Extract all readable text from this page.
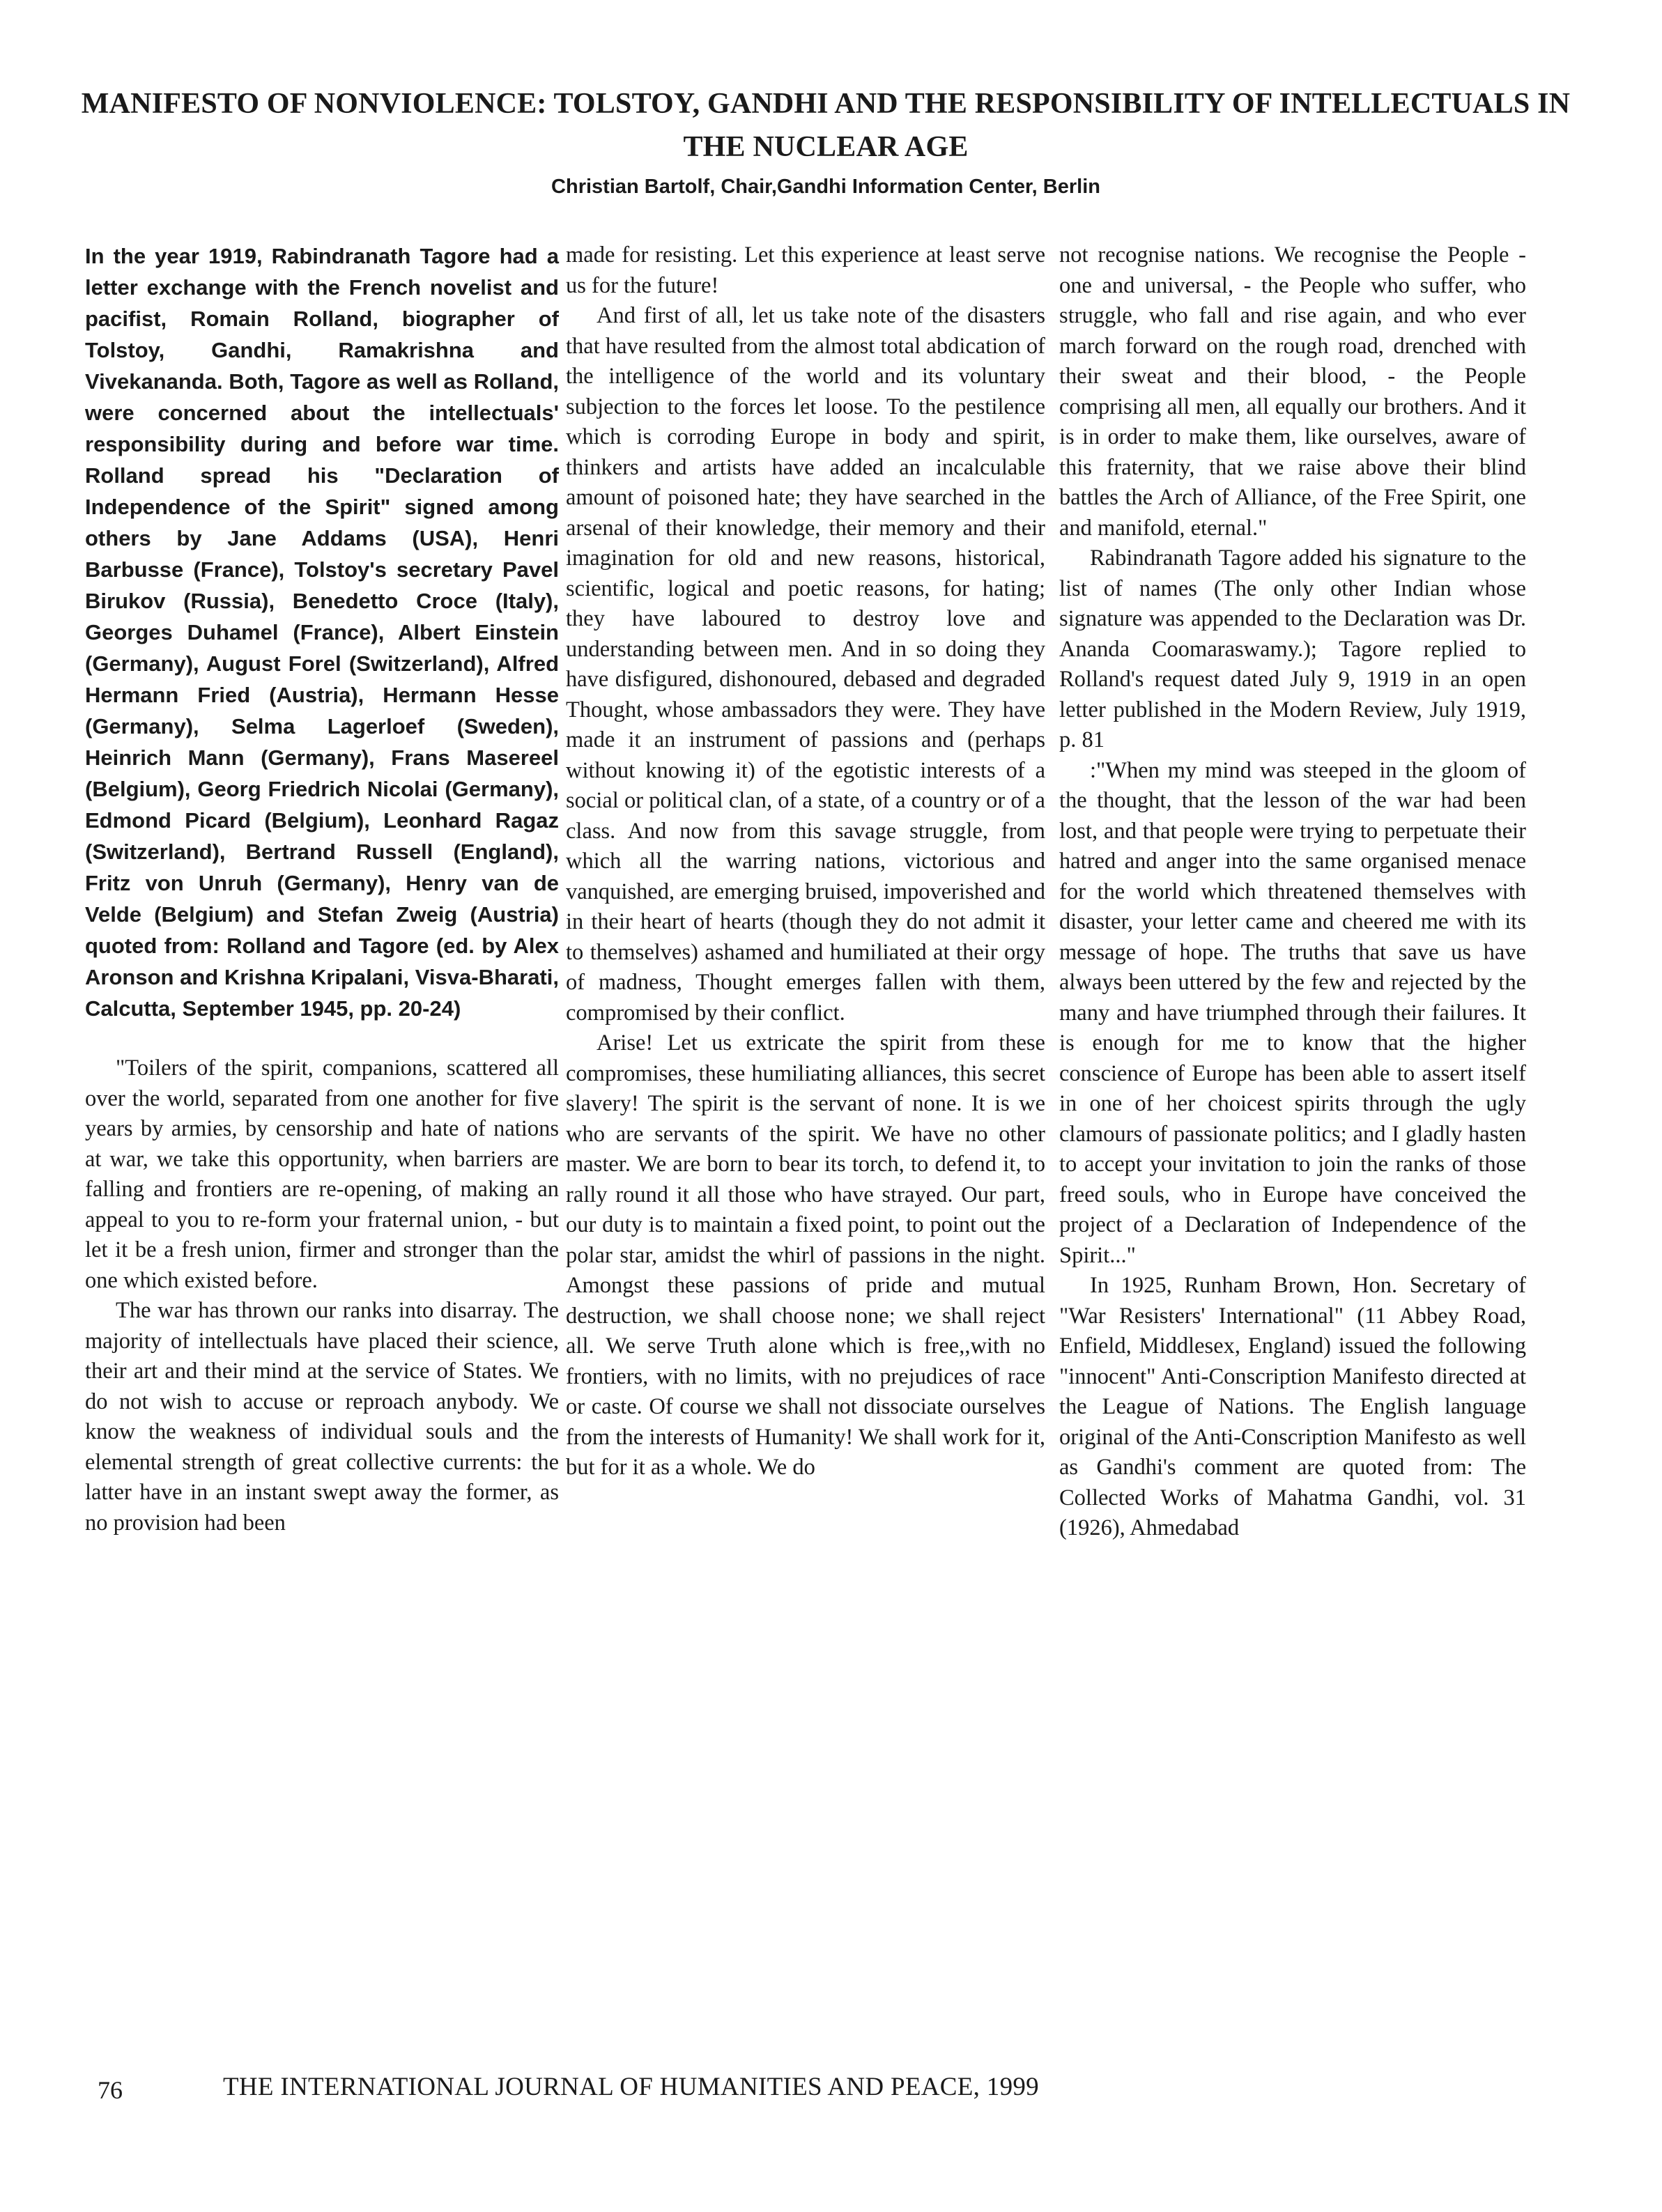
MANIFESTO OF NONVIOLENCE: TOLSTOY, GANDHI AND THE RESPONSIBILITY OF INTELLECTUALS IN THE NUCLEAR AGE

Christian Bartolf, Chair,Gandhi Information Center, Berlin

In the year 1919, Rabindranath Tagore had a letter exchange with the French novelist and pacifist, Romain Rolland, biographer of Tolstoy, Gandhi, Ramakrishna and Vivekananda. Both, Tagore as well as Rolland, were concerned about the intellectuals' responsibility during and before war time. Rolland spread his "Declaration of Independence of the Spirit" signed among others by Jane Addams (USA), Henri Barbusse (France), Tolstoy's secretary Pavel Birukov (Russia), Benedetto Croce (Italy), Georges Duhamel (France), Albert Einstein (Germany), August Forel (Switzerland), Alfred Hermann Fried (Austria), Hermann Hesse (Germany), Selma Lagerloef (Sweden), Heinrich Mann (Germany), Frans Masereel (Belgium), Georg Friedrich Nicolai (Germany), Edmond Picard (Belgium), Leonhard Ragaz (Switzerland), Bertrand Russell (England), Fritz von Unruh (Germany), Henry van de Velde (Belgium) and Stefan Zweig (Austria) quoted from: Rolland and Tagore (ed. by Alex Aronson and Krishna Kripalani, Visva-Bharati, Calcutta, September 1945, pp. 20-24)

"Toilers of the spirit, companions, scattered all over the world, separated from one another for five years by armies, by censorship and hate of nations at war, we take this opportunity, when barriers are falling and frontiers are re-opening, of making an appeal to you to re-form your fraternal union, - but let it be a fresh union, firmer and stronger than the one which existed before.

The war has thrown our ranks into disarray. The majority of intellectuals have placed their science, their art and their mind at the service of States. We do not wish to accuse or reproach anybody. We know the weakness of individual souls and the elemental strength of great collective currents: the latter have in an instant swept away the former, as no provision had been

made for resisting. Let this experience at least serve us for the future!

And first of all, let us take note of the disasters that have resulted from the almost total abdication of the intelligence of the world and its voluntary subjection to the forces let loose. To the pestilence which is corroding Europe in body and spirit, thinkers and artists have added an incalculable amount of poisoned hate; they have searched in the arsenal of their knowledge, their memory and their imagination for old and new reasons, historical, scientific, logical and poetic reasons, for hating; they have laboured to destroy love and understanding between men. And in so doing they have disfigured, dishonoured, debased and degraded Thought, whose ambassadors they were. They have made it an instrument of passions and (perhaps without knowing it) of the egotistic interests of a social or political clan, of a state, of a country or of a class. And now from this savage struggle, from which all the warring nations, victorious and vanquished, are emerging bruised, impoverished and in their heart of hearts (though they do not admit it to themselves) ashamed and humiliated at their orgy of madness, Thought emerges fallen with them, compromised by their conflict.

Arise! Let us extricate the spirit from these compromises, these humiliating alliances, this secret slavery! The spirit is the servant of none. It is we who are servants of the spirit. We have no other master. We are born to bear its torch, to defend it, to rally round it all those who have strayed. Our part, our duty is to maintain a fixed point, to point out the polar star, amidst the whirl of passions in the night. Amongst these passions of pride and mutual destruction, we shall choose none; we shall reject all. We serve Truth alone which is free,,with no frontiers, with no limits, with no prejudices of race or caste. Of course we shall not dissociate ourselves from the interests of Humanity! We shall work for it, but for it as a whole. We do

not recognise nations. We recognise the People - one and universal, - the People who suffer, who struggle, who fall and rise again, and who ever march forward on the rough road, drenched with their sweat and their blood, - the People comprising all men, all equally our brothers. And it is in order to make them, like ourselves, aware of this fraternity, that we raise above their blind battles the Arch of Alliance, of the Free Spirit, one and manifold, eternal."

Rabindranath Tagore added his signature to the list of names (The only other Indian whose signature was appended to the Declaration was Dr. Ananda Coomaraswamy.); Tagore replied to Rolland's request dated July 9, 1919 in an open letter published in the Modern Review, July 1919, p. 81

:"When my mind was steeped in the gloom of the thought, that the lesson of the war had been lost, and that people were trying to perpetuate their hatred and anger into the same organised menace for the world which threatened themselves with disaster, your letter came and cheered me with its message of hope. The truths that save us have always been uttered by the few and rejected by the many and have triumphed through their failures. It is enough for me to know that the higher conscience of Europe has been able to assert itself in one of her choicest spirits through the ugly clamours of passionate politics; and I gladly hasten to accept your invitation to join the ranks of those freed souls, who in Europe have conceived the project of a Declaration of Independence of the Spirit..."

In 1925, Runham Brown, Hon. Secretary of "War Resisters' International" (11 Abbey Road, Enfield, Middlesex, England) issued the following "innocent" Anti-Conscription Manifesto directed at the League of Nations. The English language original of the Anti-Conscription Manifesto as well as Gandhi's comment are quoted from: The Collected Works of Mahatma Gandhi, vol. 31 (1926), Ahmedabad

76	THE INTERNATIONAL JOURNAL OF HUMANITIES AND PEACE, 1999
